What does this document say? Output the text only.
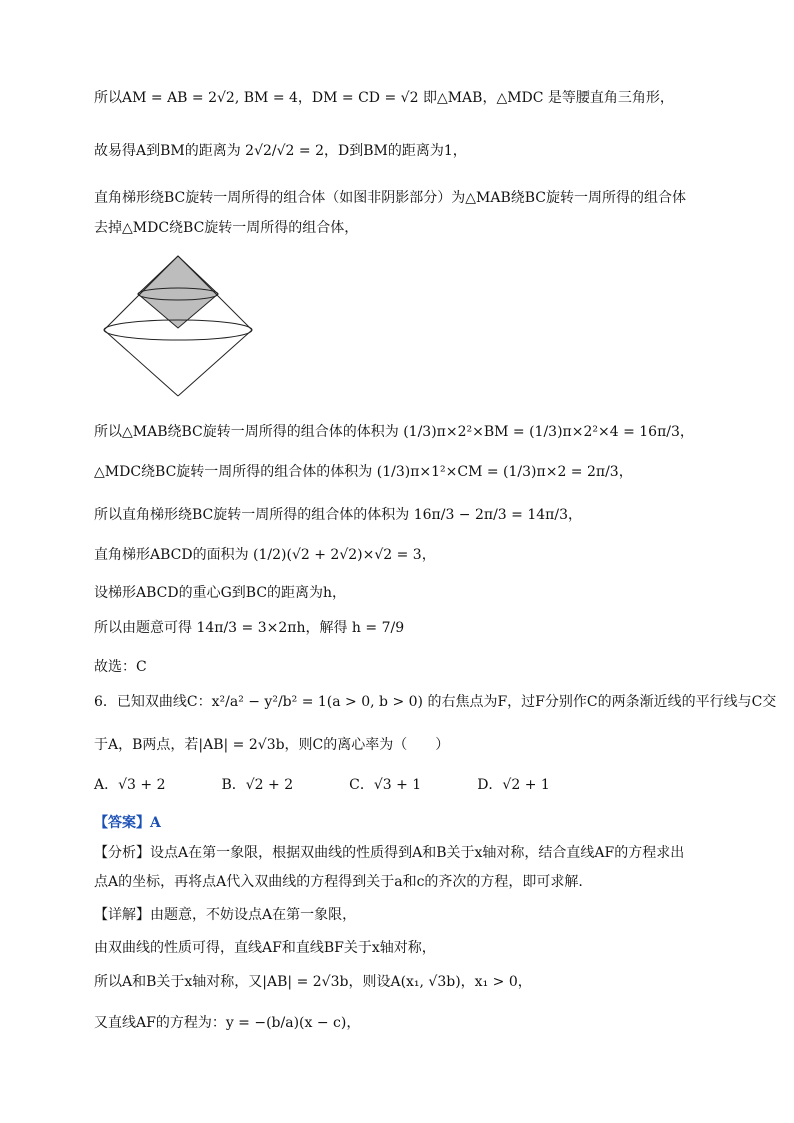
所以AM = AB = 2√2, BM = 4，DM = CD = √2 即△MAB，△MDC 是等腰直角三角形，
故易得A到BM的距离为 2√2/√2 = 2，D到BM的距离为1，
直角梯形绕BC旋转一周所得的组合体（如图非阴影部分）为△MAB绕BC旋转一周所得的组合体
去掉△MDC绕BC旋转一周所得的组合体，
所以△MAB绕BC旋转一周所得的组合体的体积为 (1/3)π×2²×BM = (1/3)π×2²×4 = 16π/3，
△MDC绕BC旋转一周所得的组合体的体积为 (1/3)π×1²×CM = (1/3)π×2 = 2π/3，
所以直角梯形绕BC旋转一周所得的组合体的体积为 16π/3 − 2π/3 = 14π/3，
直角梯形ABCD的面积为 (1/2)(√2 + 2√2)×√2 = 3，
设梯形ABCD的重心G到BC的距离为h，
所以由题意可得 14π/3 = 3×2πh，解得 h = 7/9
故选：C
6．已知双曲线C：x²/a² − y²/b² = 1(a > 0, b > 0) 的右焦点为F，过F分别作C的两条渐近线的平行线与C交
于A，B两点，若|AB| = 2√3b，则C的离心率为（　　）
A．√3 + 2　　　　B．√2 + 2　　　　C．√3 + 1　　　　D．√2 + 1
【答案】A
【分析】设点A在第一象限，根据双曲线的性质得到A和B关于x轴对称，结合直线AF的方程求出
点A的坐标，再将点A代入双曲线的方程得到关于a和c的齐次的方程，即可求解.
【详解】由题意，不妨设点A在第一象限，
由双曲线的性质可得，直线AF和直线BF关于x轴对称，
所以A和B关于x轴对称，又|AB| = 2√3b，则设A(x₁, √3b)，x₁ > 0，
又直线AF的方程为：y = −(b/a)(x − c)，
